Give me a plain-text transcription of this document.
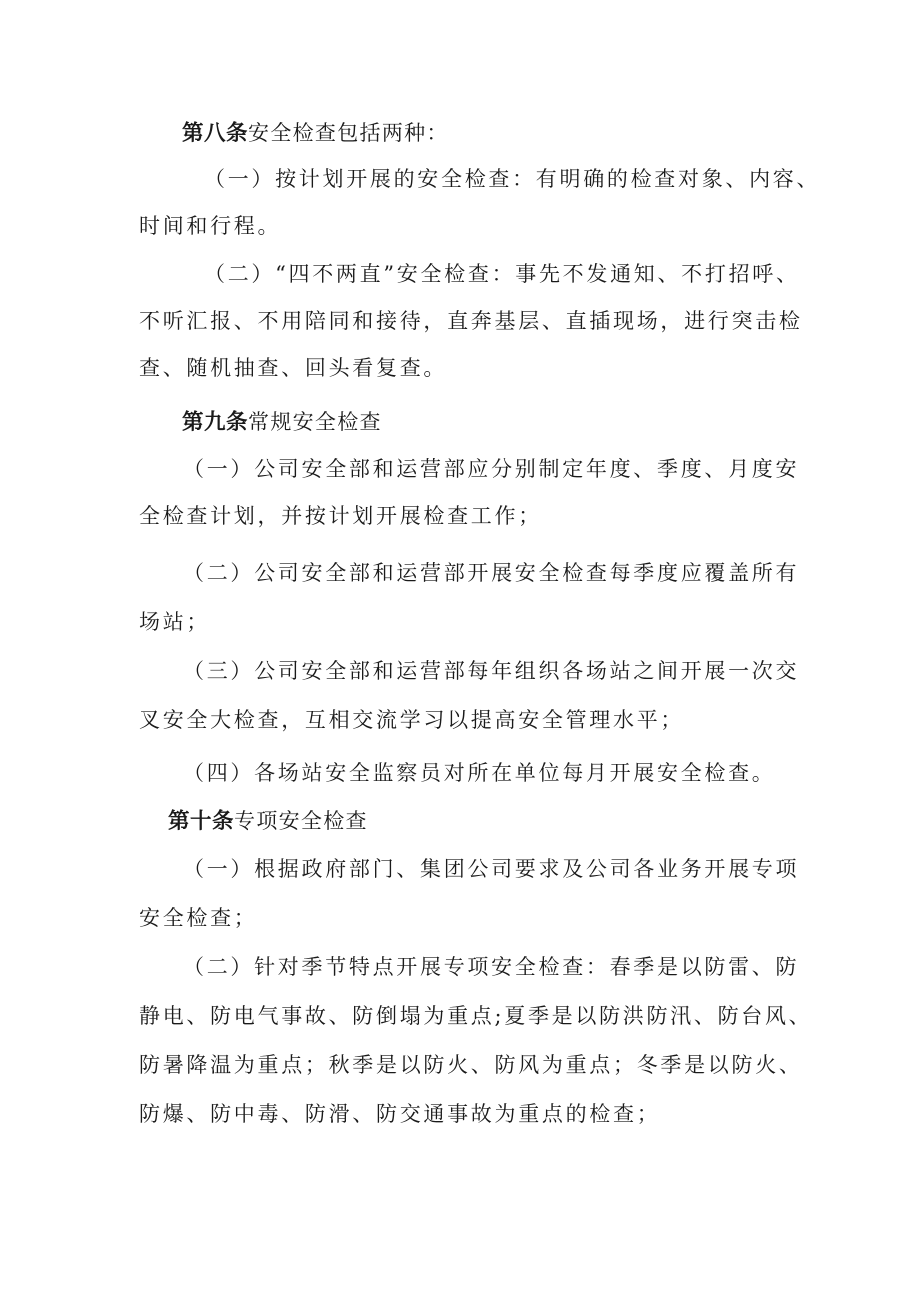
第八条安全检查包括两种：
（一）按计划开展的安全检查：有明确的检查对象、内容、
时间和行程。
（二）“四不两直”安全检查：事先不发通知、不打招呼、
不听汇报、不用陪同和接待，直奔基层、直插现场，进行突击检
查、随机抽查、回头看复查。
第九条常规安全检查
（一）公司安全部和运营部应分别制定年度、季度、月度安
全检查计划，并按计划开展检查工作；
（二）公司安全部和运营部开展安全检查每季度应覆盖所有
场站；
（三）公司安全部和运营部每年组织各场站之间开展一次交
叉安全大检查，互相交流学习以提高安全管理水平；
（四）各场站安全监察员对所在单位每月开展安全检查。
第十条专项安全检查
（一）根据政府部门、集团公司要求及公司各业务开展专项
安全检查；
（二）针对季节特点开展专项安全检查：春季是以防雷、防
静电、防电气事故、防倒塌为重点;夏季是以防洪防汛、防台风、
防暑降温为重点；秋季是以防火、防风为重点；冬季是以防火、
防爆、防中毒、防滑、防交通事故为重点的检查；
